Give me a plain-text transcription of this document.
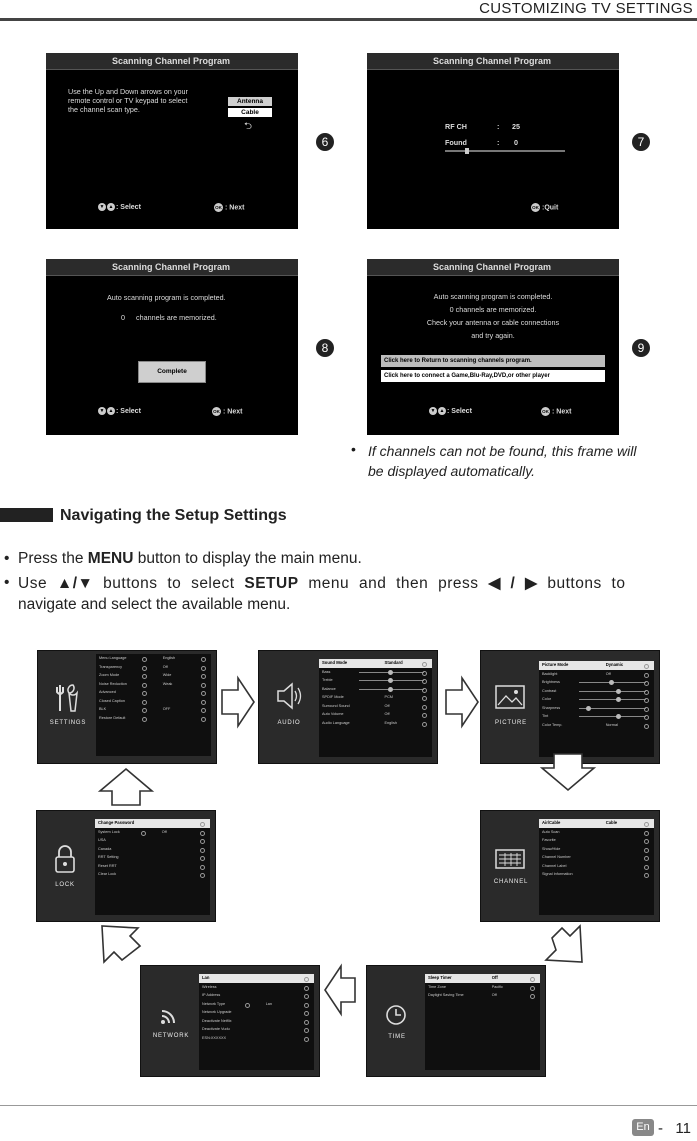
CUSTOMIZING TV SETTINGS
Scanning Channel Program
Use the Up and Down arrows on your
remote control or TV keypad to select
the channel scan type.
Antenna
Cable
⮌
▼ ▲ : Select	OK : Next
6
Scanning Channel Program
RF CH	: 25
Found	: 0
OK :Quit
7
Scanning Channel Program
Auto scanning program is completed.
0 channels are memorized.
Complete
▼ ▲ : Select	OK : Next
8
Scanning Channel Program
Auto scanning program is completed.
0 channels are memorized.
Check your antenna or cable connections
and try again.
Click here to Return to scanning channels program.
Click here to connect a Game,Blu-Ray,DVD,or other player
▼ ▲ : Select	OK : Next
9
• If channels can not be found, this frame will be displayed automatically.
Navigating the Setup Settings
• Press the MENU button to display the main menu.
• Use ▲/▼ buttons to select SETUP menu and then press ◀ / ▶ buttons to
navigate and select the available menu.
SETTINGS
Menu Language	English
Transparency	Off
Zoom Mode	Wide
Noise Reduction	Weak
Advanced
Closed Caption
BLK	OFF
Restore Default
AUDIO
Sound Mode	Standard
Bass
Treble
Balance
SPDIF Mode	PCM
Surround Sound	Off
Auto Volume	Off
Audio Language	English	PICTURE
Picture Mode	Dynamic
Backlight	Off
Brightness
Contrast
Color
Sharpness
Tint
Color Temp.	Normal
LOCK
Change Password
System Lock	Off
USA
Canada
RRT Setting
Reset RRT
Clear Lock
CHANNEL
Air/Cable	Cable
Auto Scan
Favorite
Show/Hide
Channel Number
Channel Label
Signal Information
NETWORK
Lan
Wireless
IP Address
Network Type	Lan
Network Upgrade
Deactivate Netflix
Deactivate Vudu
ESN:XXXXXX	TIME
Sleep Timer	Off
Time Zone	Pacific
Daylight Saving Time	Off
En - 11
